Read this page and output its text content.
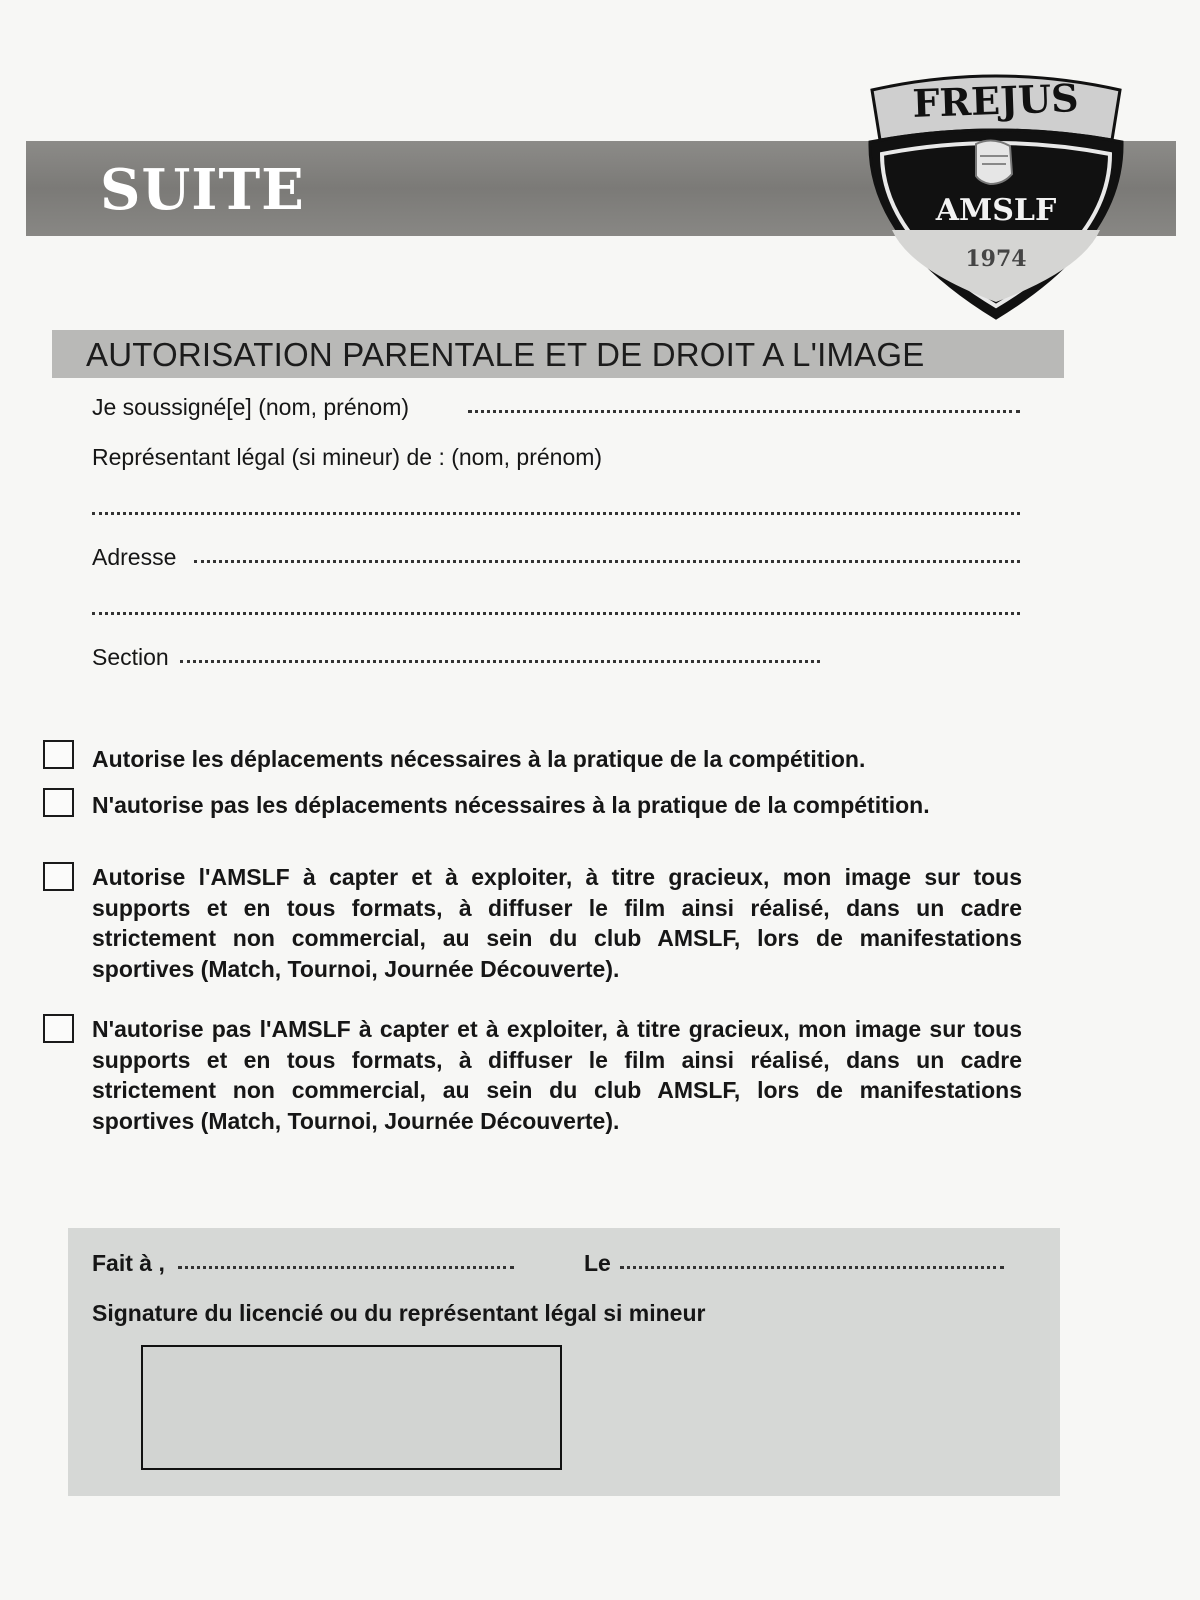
SUITE
FREJUS
AMSLF
1974
AUTORISATION PARENTALE ET DE DROIT A L'IMAGE
Je soussigné[e] (nom, prénom)
Représentant légal (si mineur) de : (nom, prénom)
Adresse
Section
Autorise les déplacements nécessaires à la pratique de la compétition.
N'autorise pas les déplacements nécessaires à la pratique de la compétition.
Autorise l'AMSLF à capter et à exploiter, à titre gracieux, mon image sur tous supports et en tous formats, à diffuser le film ainsi réalisé, dans un cadre strictement non commercial, au sein du club AMSLF, lors de manifestations sportives (Match, Tournoi, Journée Découverte).
N'autorise pas l'AMSLF à capter et à exploiter, à titre gracieux, mon image sur tous supports et en tous formats, à diffuser le film ainsi réalisé, dans un cadre strictement non commercial, au sein du club AMSLF, lors de manifestations sportives (Match, Tournoi, Journée Découverte).
Fait à ,	Le
Signature du licencié ou du représentant légal si mineur
